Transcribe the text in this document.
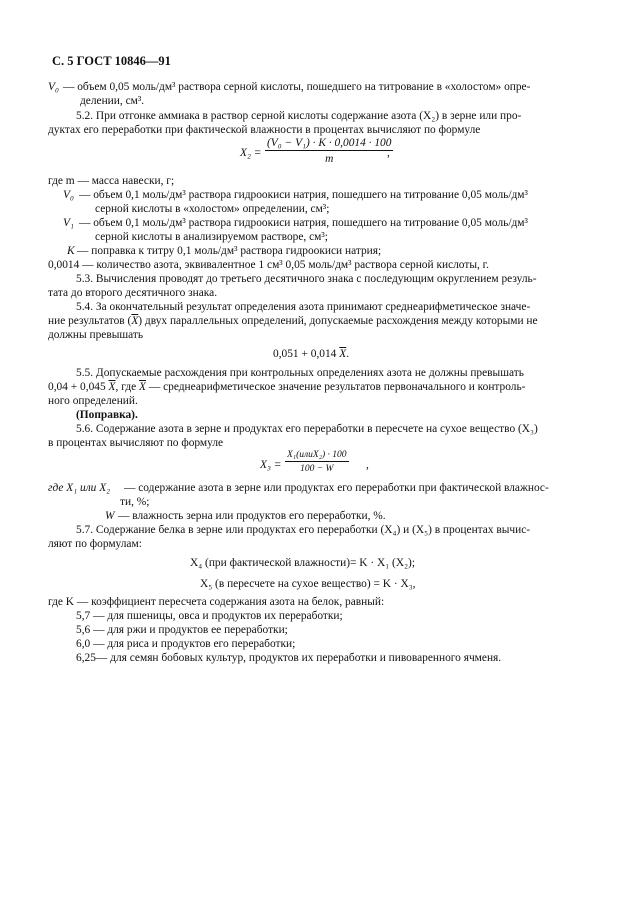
С. 5 ГОСТ 10846—91
V₀ — объем 0,05 моль/дм³ раствора серной кислоты, пошедшего на титрование в «холостом» опре-
делении, см³.
5.2. При отгонке аммиака в раствор серной кислоты содержание азота (X₂) в зерне или про-
дуктах его переработки при фактической влажности в процентах вычисляют по формуле
$X_2 = \frac{\text{(V₀ − V₁) · K · 0,0014 · 100}}{m}$
,
где m — масса навески, г;
V₀ — объем 0,1 моль/дм³ раствора гидроокиси натрия, пошедшего на титрование 0,05 моль/дм³
серной кислоты в «холостом» определении, см³;
V₁ — объем 0,1 моль/дм³ раствора гидроокиси натрия, пошедшего на титрование 0,05 моль/дм³
серной кислоты в анализируемом растворе, см³;
K — поправка к титру 0,1 моль/дм³ раствора гидроокиси натрия;
0,0014 — количество азота, эквивалентное 1 см³ 0,05 моль/дм³ раствора серной кислоты, г.
5.3. Вычисления проводят до третьего десятичного знака с последующим округлением резуль-
тата до второго десятичного знака.
5.4. За окончательный результат определения азота принимают среднеарифметическое значе-
ние результатов $(\overline{X})$ двух параллельных определений, допускаемые расхождения между которыми не
должны превышать
0,051 + 0,014 $\overline{X}$.
5.5. Допускаемые расхождения при контрольных определениях азота не должны превышать
0,04 + 0,045 $\overline{X}$, где $\overline{X}$ — среднеарифметическое значение результатов первоначального и контроль-
ного определений.
(Поправка).
5.6. Содержание азота в зерне и продуктах его переработки в пересчете на сухое вещество (X₃)
в процентах вычисляют по формуле
X₃ =
X₁(илиX₂) · 100
100 − W	,
где X₁ или X₂ — содержание азота в зерне или продуктах его переработки при фактической влажнос-
ти, %;
W — влажность зерна или продуктов его переработки, %.
5.7. Содержание белка в зерне или продуктах его переработки (X₄) и (X₅) в процентах вычис-
ляют по формулам:
X₄ (при фактической влажности)= K · X₁ (X₂);
X₅ (в пересчете на сухое вещество) = K · X₃,
где K — коэффициент пересчета содержания азота на белок, равный:
5,7 — для пшеницы, овса и продуктов их переработки;
5,6 — для ржи и продуктов ее переработки;
6,0 — для риса и продуктов его переработки;
6,25— для семян бобовых культур, продуктов их переработки и пивоваренного ячменя.
